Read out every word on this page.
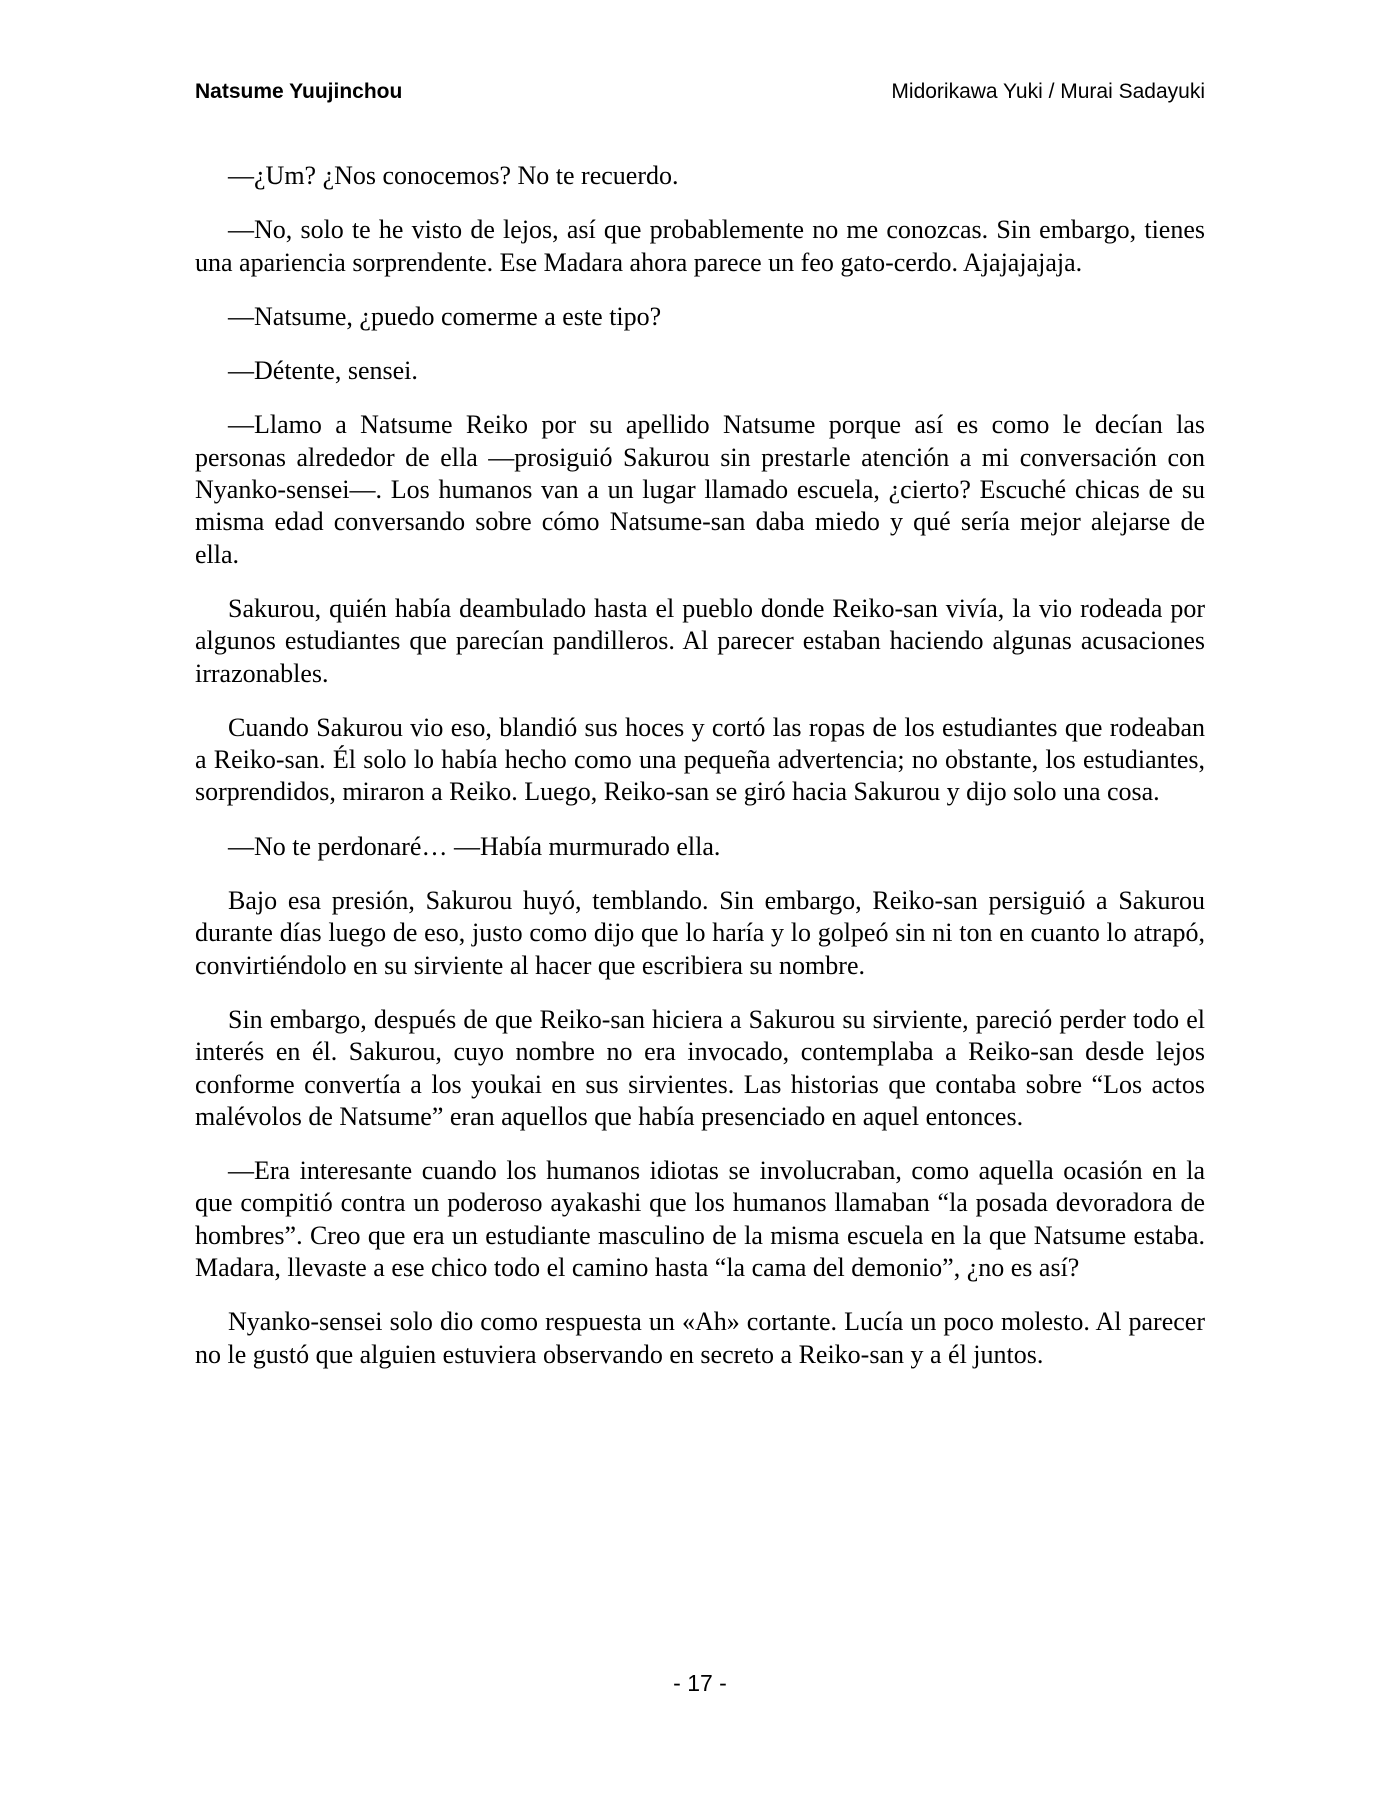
Natsume Yuujinchou	Midorikawa Yuki / Murai Sadayuki

—¿Um? ¿Nos conocemos? No te recuerdo.

—No, solo te he visto de lejos, así que probablemente no me conozcas. Sin embargo, tienes una apariencia sorprendente. Ese Madara ahora parece un feo gato-cerdo. Ajajajajaja.

—Natsume, ¿puedo comerme a este tipo?

—Détente, sensei.

—Llamo a Natsume Reiko por su apellido Natsume porque así es como le decían las personas alrededor de ella —prosiguió Sakurou sin prestarle atención a mi conversación con Nyanko-sensei—. Los humanos van a un lugar llamado escuela, ¿cierto? Escuché chicas de su misma edad conversando sobre cómo Natsume-san daba miedo y qué sería mejor alejarse de ella.

Sakurou, quién había deambulado hasta el pueblo donde Reiko-san vivía, la vio rodeada por algunos estudiantes que parecían pandilleros. Al parecer estaban haciendo algunas acusaciones irrazonables.

Cuando Sakurou vio eso, blandió sus hoces y cortó las ropas de los estudiantes que rodeaban a Reiko-san. Él solo lo había hecho como una pequeña advertencia; no obstante, los estudiantes, sorprendidos, miraron a Reiko. Luego, Reiko-san se giró hacia Sakurou y dijo solo una cosa.

—No te perdonaré… —Había murmurado ella.

Bajo esa presión, Sakurou huyó, temblando. Sin embargo, Reiko-san persiguió a Sakurou durante días luego de eso, justo como dijo que lo haría y lo golpeó sin ni ton en cuanto lo atrapó, convirtiéndolo en su sirviente al hacer que escribiera su nombre.

Sin embargo, después de que Reiko-san hiciera a Sakurou su sirviente, pareció perder todo el interés en él. Sakurou, cuyo nombre no era invocado, contemplaba a Reiko-san desde lejos conforme convertía a los youkai en sus sirvientes. Las historias que contaba sobre “Los actos malévolos de Natsume” eran aquellos que había presenciado en aquel entonces.

—Era interesante cuando los humanos idiotas se involucraban, como aquella ocasión en la que compitió contra un poderoso ayakashi que los humanos llamaban “la posada devoradora de hombres”. Creo que era un estudiante masculino de la misma escuela en la que Natsume estaba. Madara, llevaste a ese chico todo el camino hasta “la cama del demonio”, ¿no es así?

Nyanko-sensei solo dio como respuesta un «Ah» cortante. Lucía un poco molesto. Al parecer no le gustó que alguien estuviera observando en secreto a Reiko-san y a él juntos.

- 17 -
